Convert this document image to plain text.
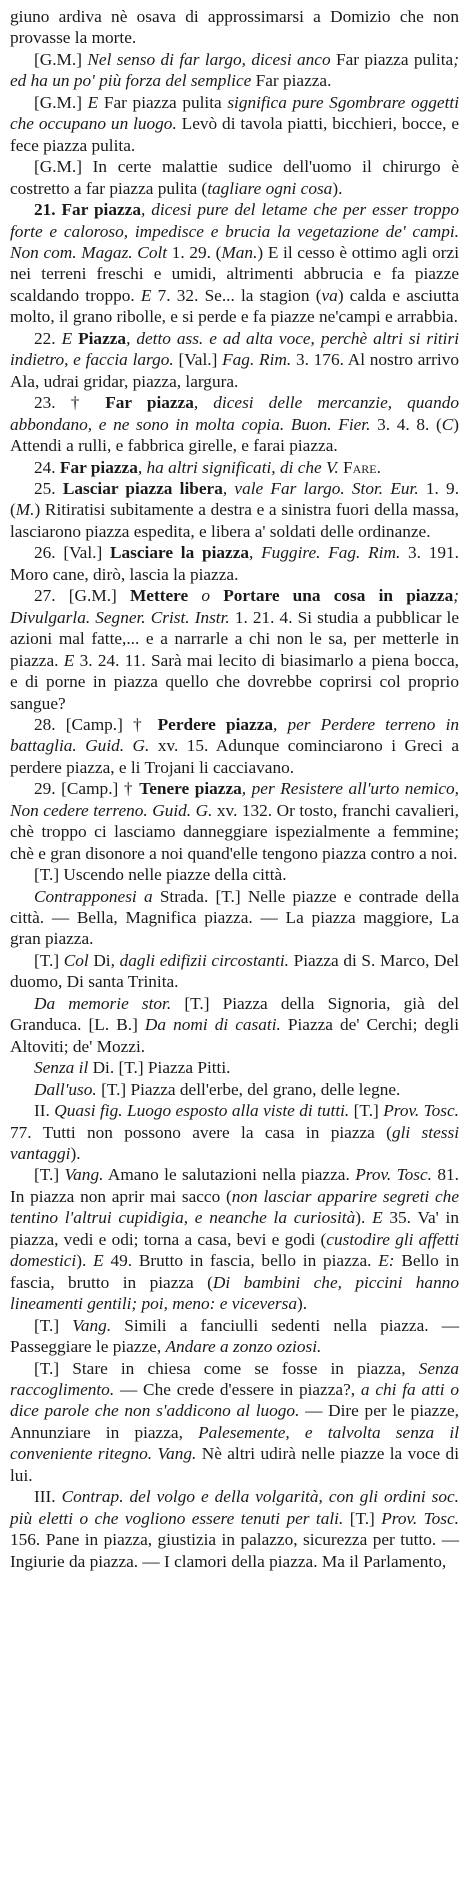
giuno ardiva nè osava di approssimarsi a Domizio che non provasse la morte.

[G.M.] Nel senso di far largo, dicesi anco Far piazza pulita; ed ha un po' più forza del semplice Far piazza.

[G.M.] E Far piazza pulita significa pure Sgombrare oggetti che occupano un luogo. Levò di tavola piatti, bicchieri, bocce, e fece piazza pulita.

[G.M.] In certe malattie sudice dell'uomo il chirurgo è costretto a far piazza pulita (tagliare ogni cosa).

21. Far piazza, dicesi pure del letame che per esser troppo forte e caloroso, impedisce e brucia la vegetazione de' campi. Non com. Magaz. Colt 1. 29. (Man.) E il cesso è ottimo agli orzi nei terreni freschi e umidi, altrimenti abbrucia e fa piazze scaldando troppo. E 7. 32. Se... la stagion (va) calda e asciutta molto, il grano ribolle, e si perde e fa piazze ne'campi e arrabbia.

22. E Piazza, detto ass. e ad alta voce, perchè altri si ritiri indietro, e faccia largo. [Val.] Fag. Rim. 3. 176. Al nostro arrivo Ala, udrai gridar, piazza, largura.

23. † Far piazza, dicesi delle mercanzie, quando abbondano, e ne sono in molta copia. Buon. Fier. 3. 4. 8. (C) Attendi a rulli, e fabbrica girelle, e farai piazza.

24. Far piazza, ha altri significati, di che V. Fare.

25. Lasciar piazza libera, vale Far largo. Stor. Eur. 1. 9. (M.) Ritiratisi subitamente a destra e a sinistra fuori della massa, lasciarono piazza espedita, e libera a' soldati delle ordinanze.

26. [Val.] Lasciare la piazza, Fuggire. Fag. Rim. 3. 191. Moro cane, dirò, lascia la piazza.

27. [G.M.] Mettere o Portare una cosa in piazza; Divulgarla. Segner. Crist. Instr. 1. 21. 4. Si studia a pubblicar le azioni mal fatte,... e a narrarle a chi non le sa, per metterle in piazza. E 3. 24. 11. Sarà mai lecito di biasimarlo a piena bocca, e di porne in piazza quello che dovrebbe coprirsi col proprio sangue?

28. [Camp.] † Perdere piazza, per Perdere terreno in battaglia. Guid. G. xv. 15. Adunque cominciarono i Greci a perdere piazza, e li Trojani li cacciavano.

29. [Camp.] † Tenere piazza, per Resistere all'urto nemico, Non cedere terreno. Guid. G. xv. 132. Or tosto, franchi cavalieri, chè troppo ci lasciamo danneggiare ispezialmente a femmine; chè e gran disonore a noi quand'elle tengono piazza contro a noi.

[T.] Uscendo nelle piazze della città.

Contrapponesi a Strada. [T.] Nelle piazze e contrade della città. — Bella, Magnifica piazza. — La piazza maggiore, La gran piazza.

[T.] Col Di, dagli edifizii circostanti. Piazza di S. Marco, Del duomo, Di santa Trinita.

Da memorie stor. [T.] Piazza della Signoria, già del Granduca. [L. B.] Da nomi di casati. Piazza de' Cerchi; degli Altoviti; de' Mozzi.

Senza il Di. [T.] Piazza Pitti.

Dall'uso. [T.] Piazza dell'erbe, del grano, delle legne.

II. Quasi fig. Luogo esposto alla viste di tutti. [T.] Prov. Tosc. 77. Tutti non possono avere la casa in piazza (gli stessi vantaggi).

[T.] Vang. Amano le salutazioni nella piazza. Prov. Tosc. 81. In piazza non aprir mai sacco (non lasciar apparire segreti che tentino l'altrui cupidigia, e neanche la curiosità). E 35. Va' in piazza, vedi e odi; torna a casa, bevi e godi (custodire gli affetti domestici). E 49. Brutto in fascia, bello in piazza. E: Bello in fascia, brutto in piazza (Di bambini che, piccini hanno lineamenti gentili; poi, meno: e viceversa).

[T.] Vang. Simili a fanciulli sedenti nella piazza. — Passeggiare le piazze, Andare a zonzo oziosi.

[T.] Stare in chiesa come se fosse in piazza, Senza raccoglimento. — Che crede d'essere in piazza?, a chi fa atti o dice parole che non s'addicono al luogo. — Dire per le piazze, Annunziare in piazza, Palesemente, e talvolta senza il conveniente ritegno. Vang. Nè altri udirà nelle piazze la voce di lui.

III. Contrap. del volgo e della volgarità, con gli ordini soc. più eletti o che vogliono essere tenuti per tali. [T.] Prov. Tosc. 156. Pane in piazza, giustizia in palazzo, sicurezza per tutto. — Ingiurie da piazza. — I clamori della piazza. Ma il Parlamento,
